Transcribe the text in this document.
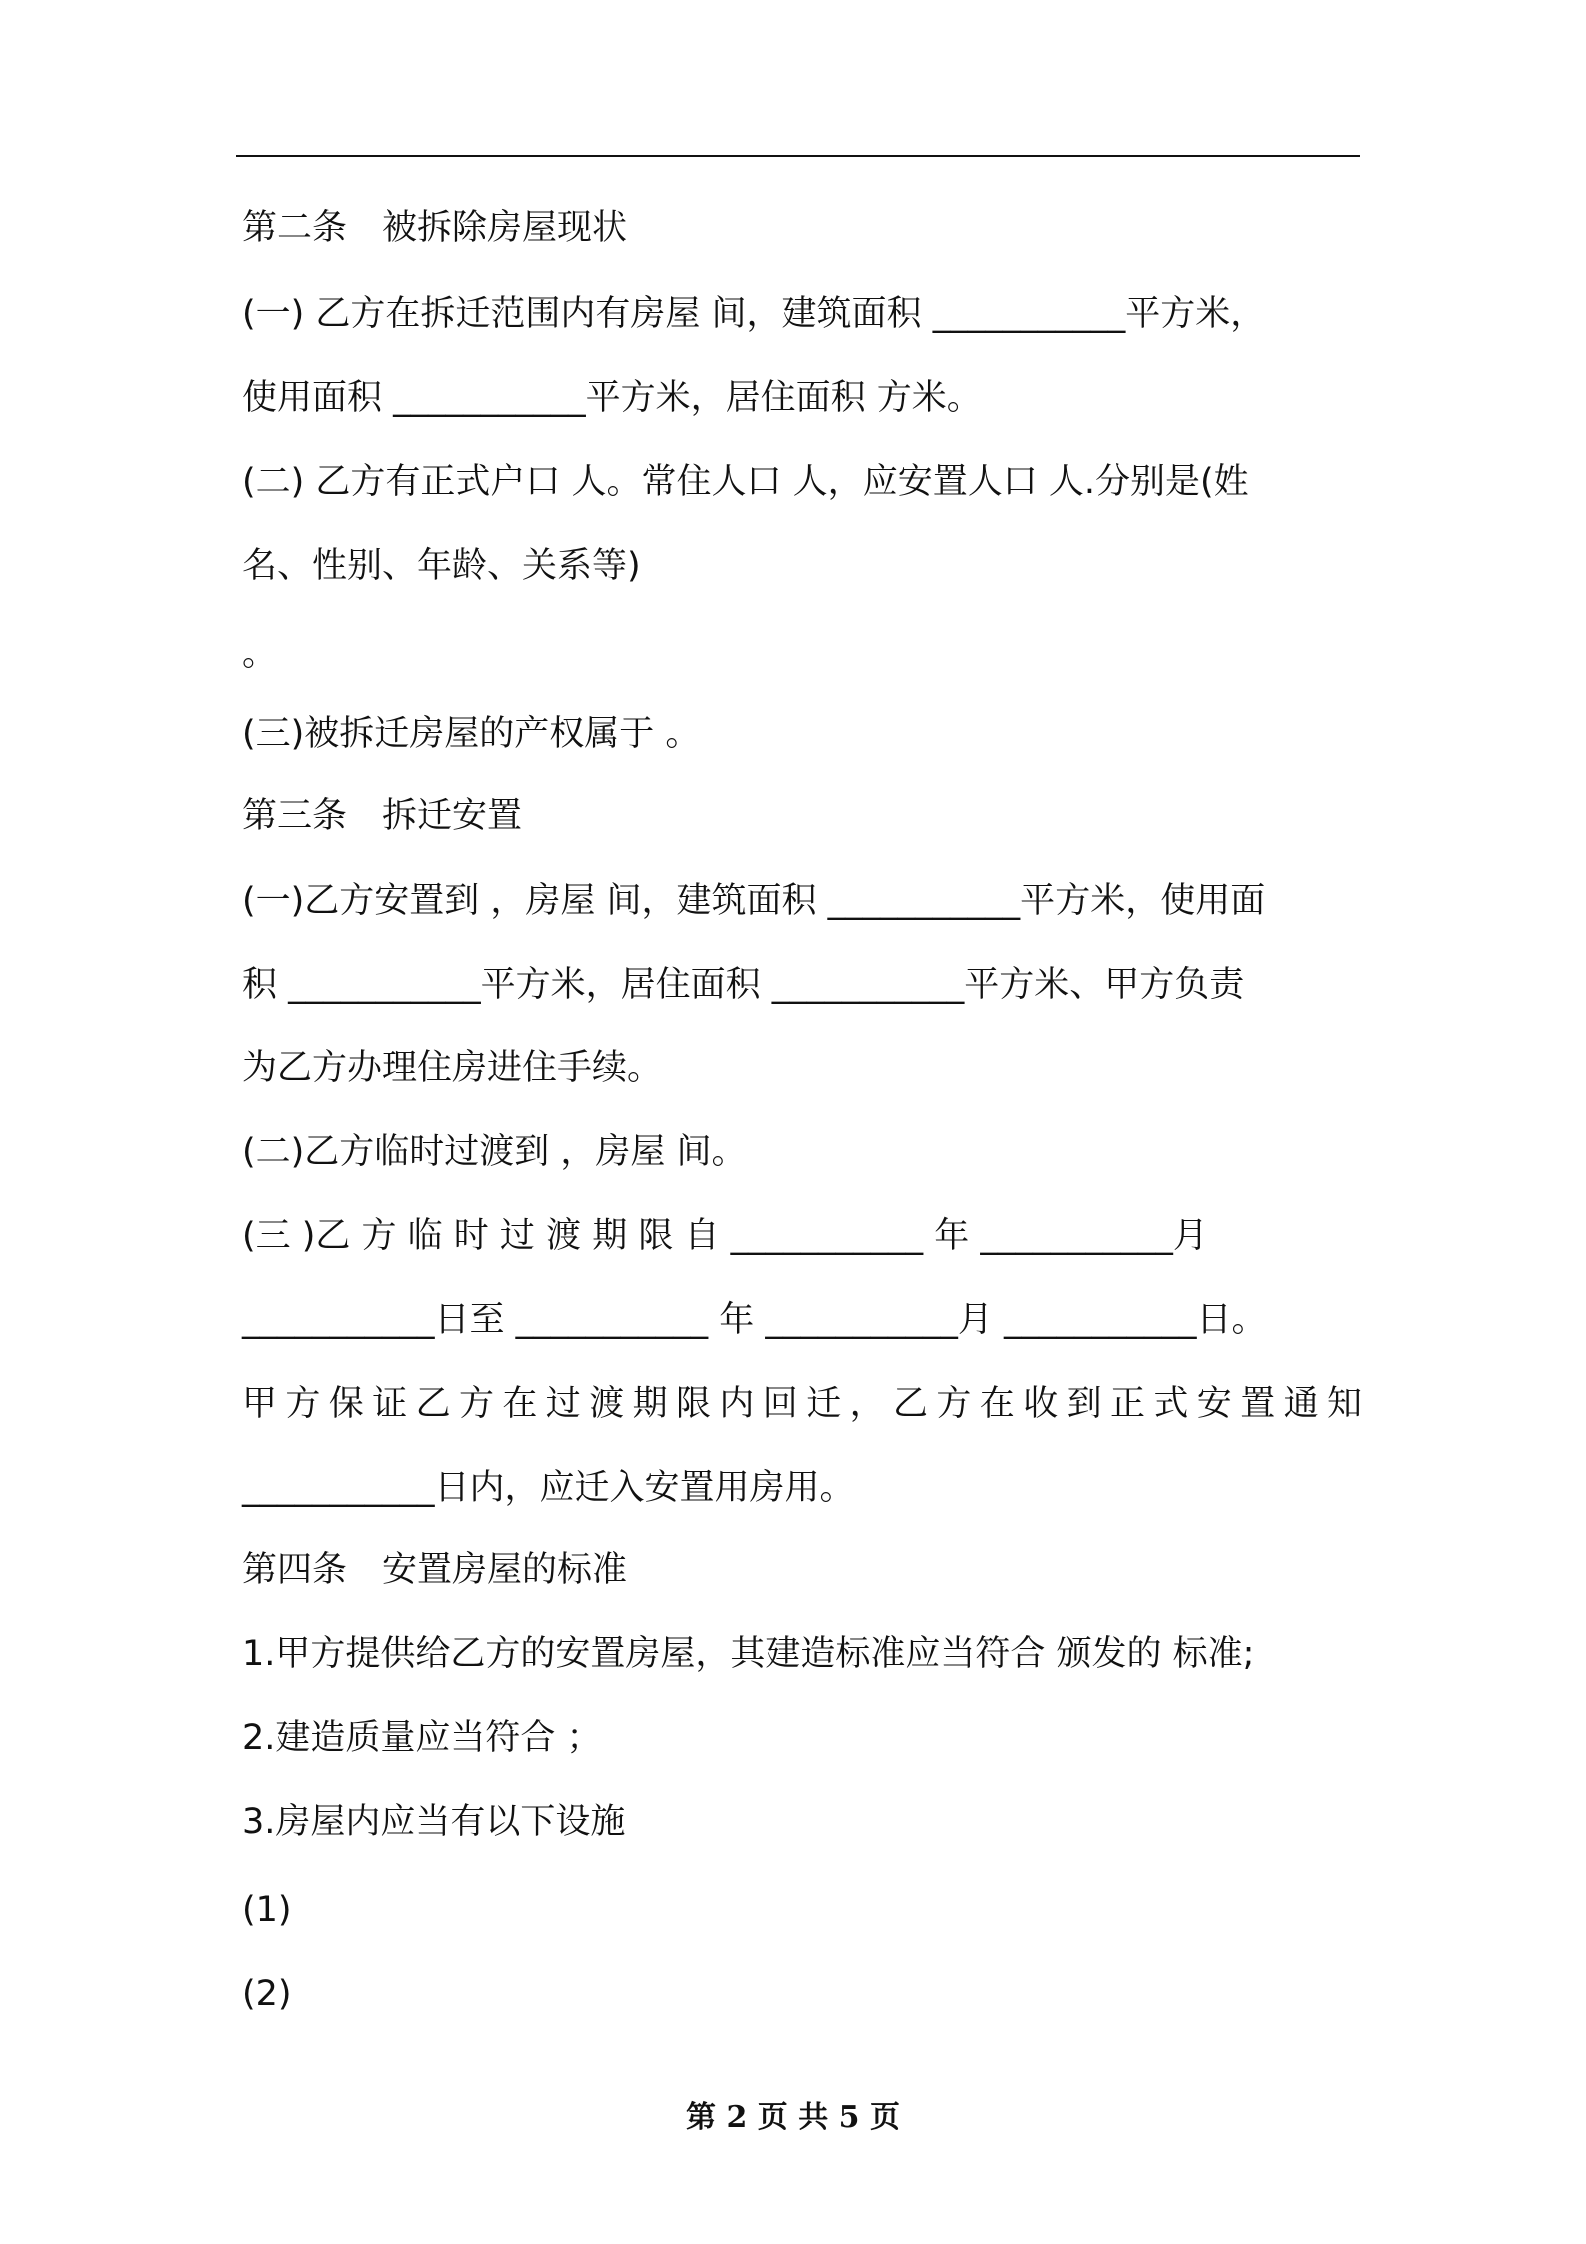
第二条　被拆除房屋现状
(一) 乙方在拆迁范围内有房屋 间，建筑面积 ___________平方米，
使用面积 ___________平方米，居住面积 方米。
(二) 乙方有正式户口 人。常住人口 人，应安置人口 人.分别是(姓
名、性别、年龄、关系等)
。
(三)被拆迁房屋的产权属于 。
第三条　拆迁安置
(一)乙方安置到 ，房屋 间，建筑面积 ___________平方米，使用面
积 ___________平方米，居住面积 ___________平方米、甲方负责
为乙方办理住房进住手续。
(二)乙方临时过渡到 ，房屋 间。
(三 )乙 方 临 时 过 渡 期 限 自 ___________ 年 ___________月
___________日至 ___________ 年 ___________月 ___________日。
甲方保证乙方在过渡期限内回迁，乙方在收到正式安置通知
___________日内，应迁入安置用房用。
第四条　安置房屋的标准
1.甲方提供给乙方的安置房屋，其建造标准应当符合 颁发的 标准;
2.建造质量应当符合 ；
3.房屋内应当有以下设施
(1)
(2)
第 2 页 共 5 页
